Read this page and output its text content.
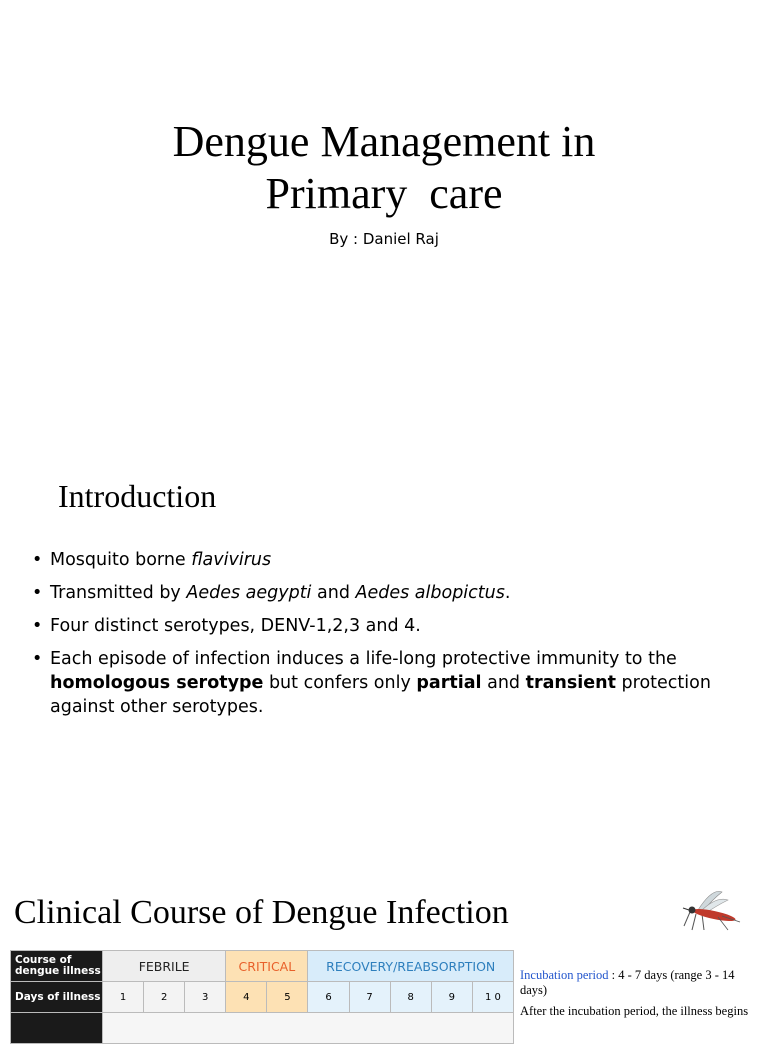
Dengue Management in
Primary  care
By : Daniel Raj
Introduction
• Mosquito borne flavivirus
• Transmitted by Aedes aegypti and Aedes albopictus.
• Four distinct serotypes, DENV-1,2,3 and 4.
• Each episode of infection induces a life-long protective immunity to the homologous serotype but confers only partial and transient protection against other serotypes.
Clinical Course of Dengue Infection
Course of dengue illness	FEBRILE			CRITICAL		RECOVERY/REABSORPTION				
Days of illness	1	2	3	4	5	6	7	8	9	1 0

Incubation period : 4 - 7 days (range 3 - 14 days)

After the incubation period, the illness begins
